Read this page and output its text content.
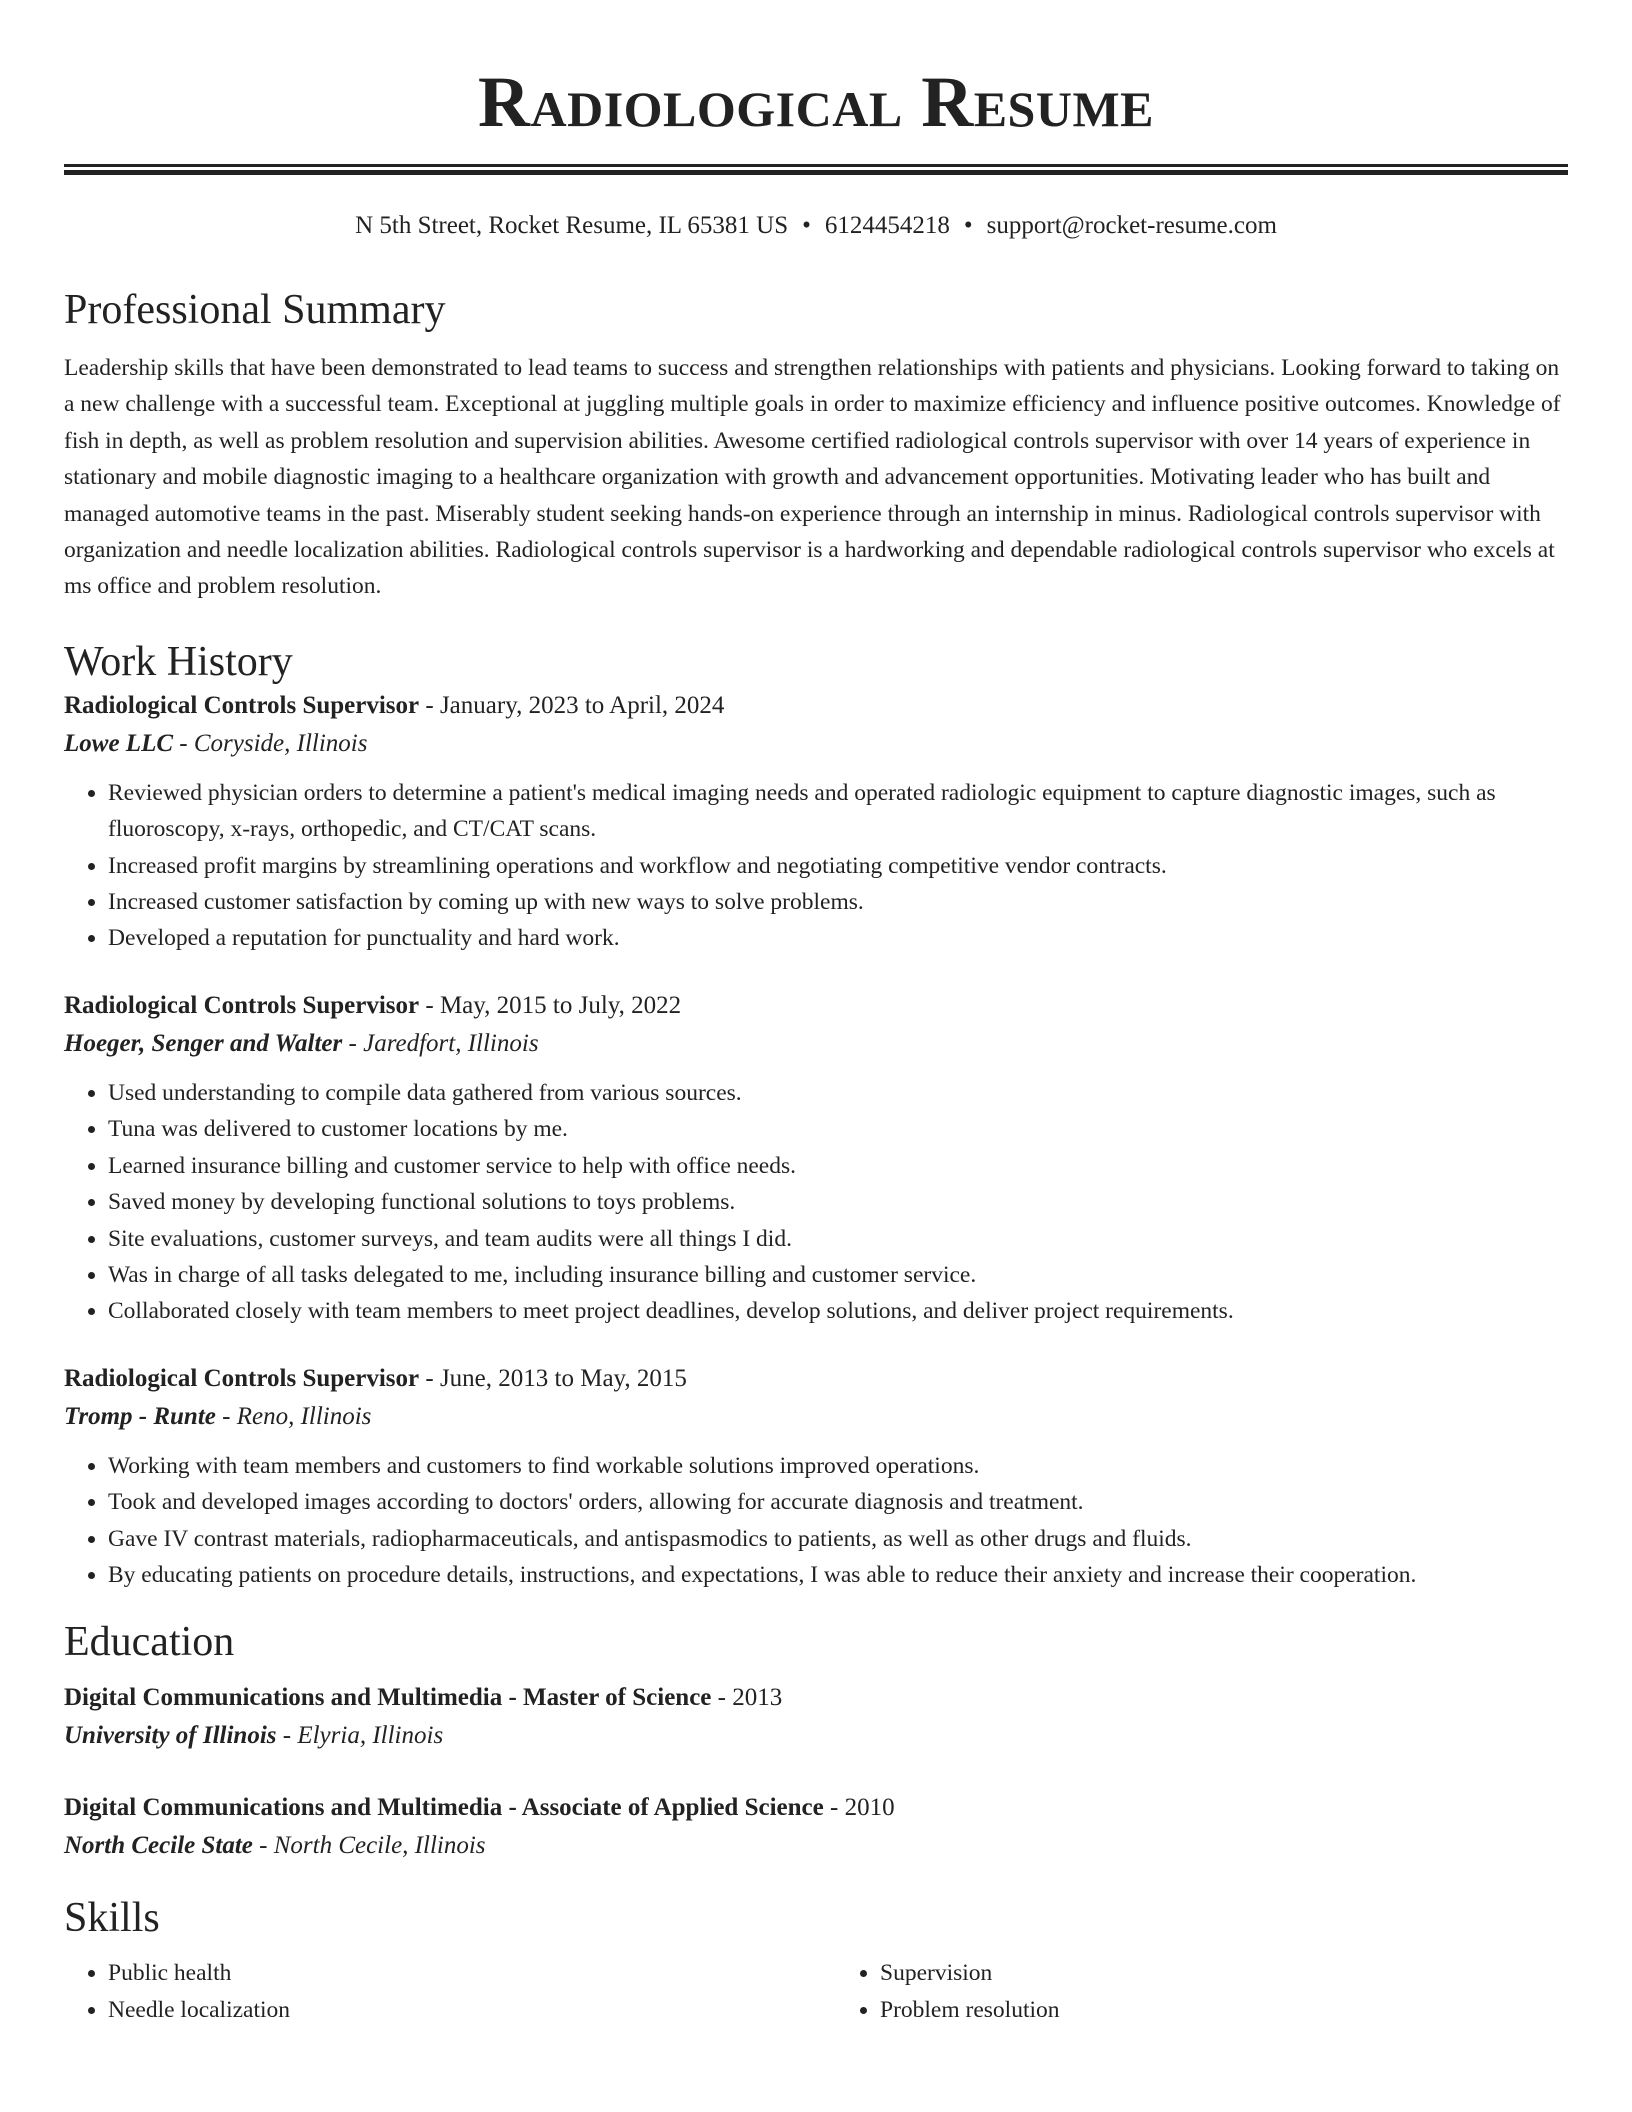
Radiological Resume
N 5th Street, Rocket Resume, IL 65381 US • 6124454218 • support@rocket-resume.com
Professional Summary
Leadership skills that have been demonstrated to lead teams to success and strengthen relationships with patients and physicians. Looking forward to taking on a new challenge with a successful team. Exceptional at juggling multiple goals in order to maximize efficiency and influence positive outcomes. Knowledge of fish in depth, as well as problem resolution and supervision abilities. Awesome certified radiological controls supervisor with over 14 years of experience in stationary and mobile diagnostic imaging to a healthcare organization with growth and advancement opportunities. Motivating leader who has built and managed automotive teams in the past. Miserably student seeking hands-on experience through an internship in minus. Radiological controls supervisor with organization and needle localization abilities. Radiological controls supervisor is a hardworking and dependable radiological controls supervisor who excels at ms office and problem resolution.
Work History
Radiological Controls Supervisor - January, 2023 to April, 2024
Lowe LLC - Coryside, Illinois
• Reviewed physician orders to determine a patient's medical imaging needs and operated radiologic equipment to capture diagnostic images, such as fluoroscopy, x-rays, orthopedic, and CT/CAT scans.
• Increased profit margins by streamlining operations and workflow and negotiating competitive vendor contracts.
• Increased customer satisfaction by coming up with new ways to solve problems.
• Developed a reputation for punctuality and hard work.
Radiological Controls Supervisor - May, 2015 to July, 2022
Hoeger, Senger and Walter - Jaredfort, Illinois
• Used understanding to compile data gathered from various sources.
• Tuna was delivered to customer locations by me.
• Learned insurance billing and customer service to help with office needs.
• Saved money by developing functional solutions to toys problems.
• Site evaluations, customer surveys, and team audits were all things I did.
• Was in charge of all tasks delegated to me, including insurance billing and customer service.
• Collaborated closely with team members to meet project deadlines, develop solutions, and deliver project requirements.
Radiological Controls Supervisor - June, 2013 to May, 2015
Tromp - Runte - Reno, Illinois
• Working with team members and customers to find workable solutions improved operations.
• Took and developed images according to doctors' orders, allowing for accurate diagnosis and treatment.
• Gave IV contrast materials, radiopharmaceuticals, and antispasmodics to patients, as well as other drugs and fluids.
• By educating patients on procedure details, instructions, and expectations, I was able to reduce their anxiety and increase their cooperation.
Education
Digital Communications and Multimedia - Master of Science - 2013
University of Illinois - Elyria, Illinois
Digital Communications and Multimedia - Associate of Applied Science - 2010
North Cecile State - North Cecile, Illinois
Skills
• Public health
• Needle localization
• Supervision
• Problem resolution
